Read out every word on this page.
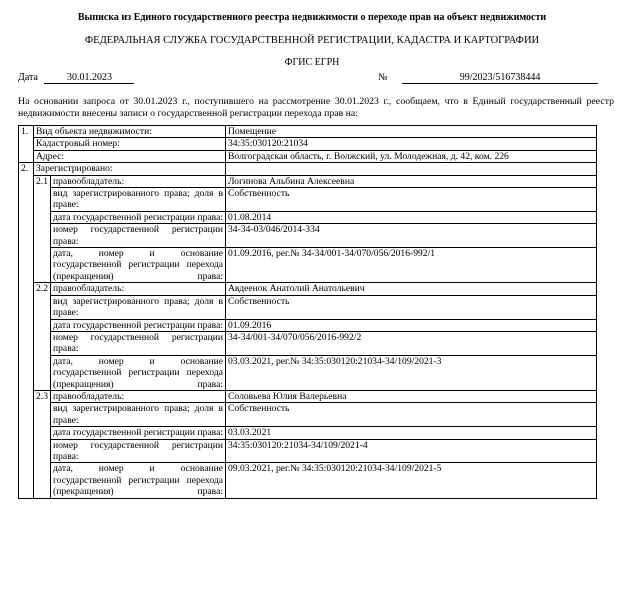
Выписка из Единого государственного реестра недвижимости о переходе прав на объект недвижимости
ФЕДЕРАЛЬНАЯ СЛУЖБА ГОСУДАРСТВЕННОЙ РЕГИСТРАЦИИ, КАДАСТРА И КАРТОГРАФИИ
ФГИС ЕГРН
Дата	30.01.2023	№	99/2023/516738444
На основании запроса от 30.01.2023 г., поступившего на рассмотрение 30.01.2023 г., сообщаем, что в Единый государственный реестр недвижимости внесены записи о государственной регистрации перехода прав на:
1.	Вид объекта недвижимости:		Помещение
	Кадастровый номер:		34:35:030120:21034
	Адрес:		Волгоградская область, г. Волжский, ул. Молодежная, д. 42, ком. 226
2.	Зарегистрировано:		
	2.1	правообладатель:	Логинова Альбина Алексеевна
		вид зарегистрированного права; доля в праве:	Собственность
		дата государственной регистрации права:	01.08.2014
		номер государственной регистрации права:	34-34-03/046/2014-334
		дата, номер и основание государственной регистрации перехода (прекращения) права:	01.09.2016, рег.№ 34-34/001-34/070/056/2016-992/1
	2.2	правообладатель:	Авдеенок Анатолий Анатольевич
		вид зарегистрированного права; доля в праве:	Собственность
		дата государственной регистрации права:	01.09.2016
		номер государственной регистрации права:	34-34/001-34/070/056/2016-992/2
		дата, номер и основание государственной регистрации перехода (прекращения) права:	03.03.2021, рег.№ 34:35:030120:21034-34/109/2021-3
	2.3	правообладатель:	Соловьева Юлия Валерьевна
		вид зарегистрированного права; доля в праве:	Собственность
		дата государственной регистрации права:	03.03.2021
		номер государственной регистрации права:	34:35:030120:21034-34/109/2021-4
		дата, номер и основание государственной регистрации перехода (прекращения) права:	09.03.2021, рег.№ 34:35:030120:21034-34/109/2021-5
